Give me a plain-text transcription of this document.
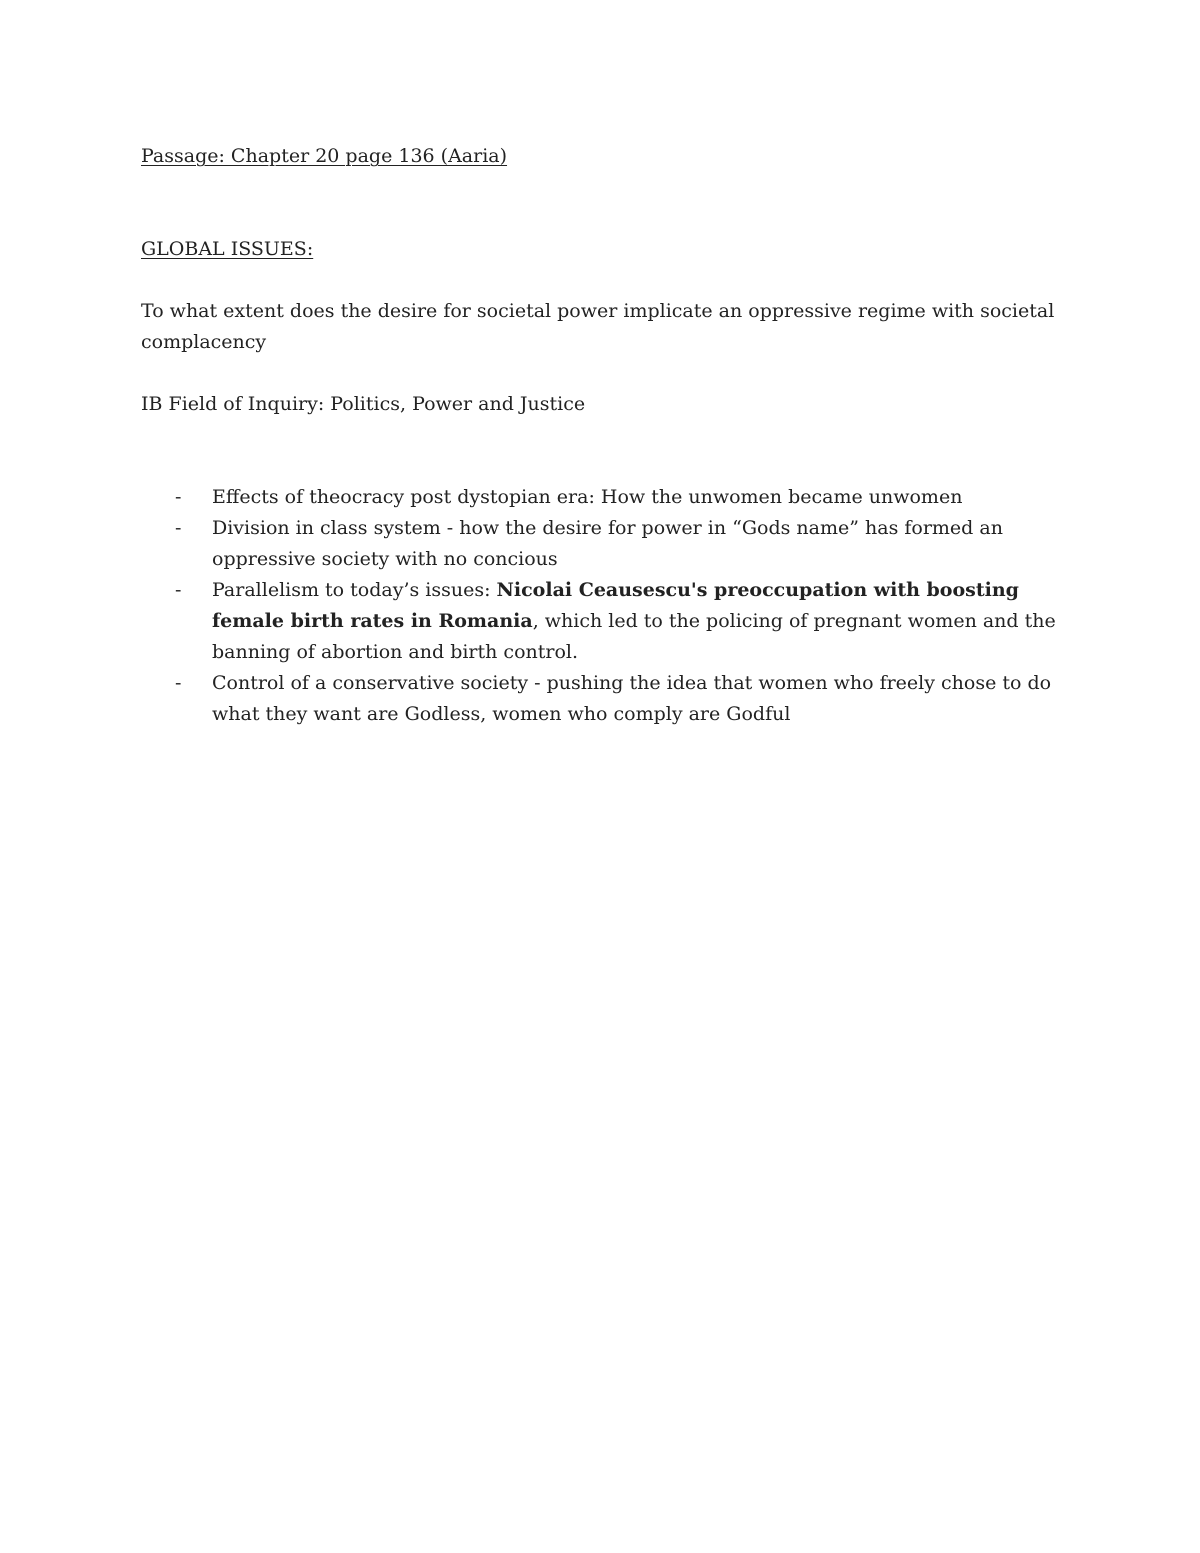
Passage: Chapter 20 page 136 (Aaria)

GLOBAL ISSUES:

To what extent does the desire for societal power implicate an oppressive regime with societal complacency

IB Field of Inquiry: Politics, Power and Justice

- Effects of theocracy post dystopian era: How the unwomen became unwomen
- Division in class system - how the desire for power in “Gods name” has formed an oppressive society with no concious
- Parallelism to today’s issues: Nicolai Ceausescu's preoccupation with boosting female birth rates in Romania, which led to the policing of pregnant women and the banning of abortion and birth control.
- Control of a conservative society - pushing the idea that women who freely chose to do what they want are Godless, women who comply are Godful
